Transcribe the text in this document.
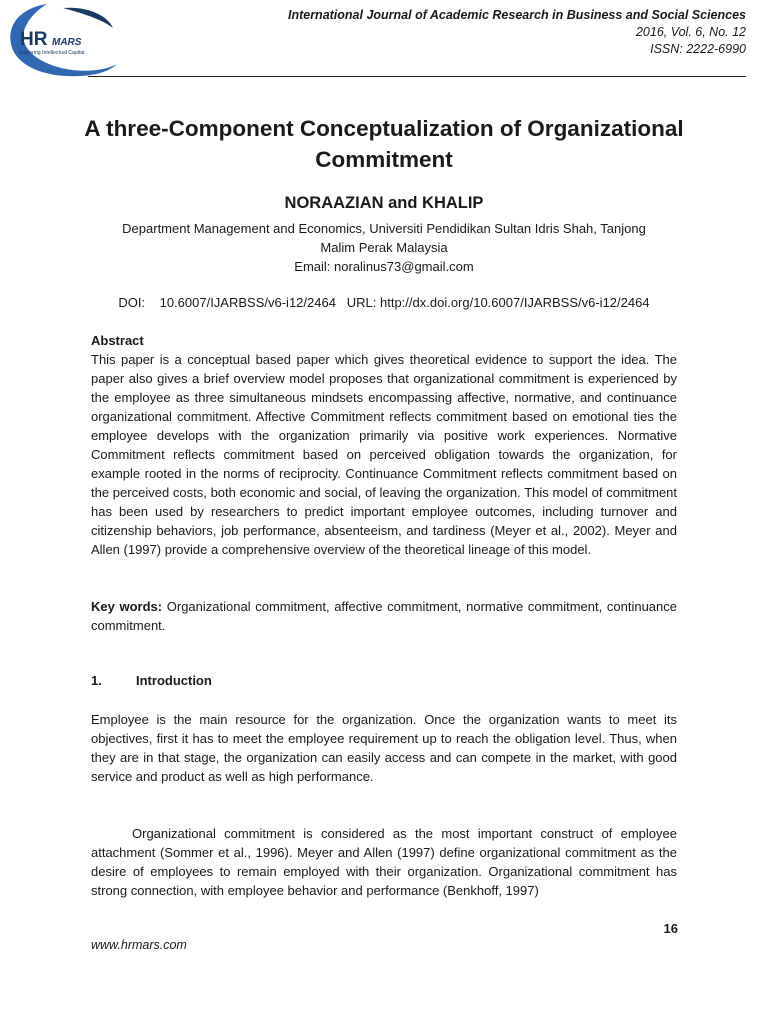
HR MARS
Exploring Intellectual Capital
International Journal of Academic Research in Business and Social Sciences
2016, Vol. 6, No. 12
ISSN: 2222-6990
A three-Component Conceptualization of Organizational
Commitment
NORAAZIAN and KHALIP
Department Management and Economics, Universiti Pendidikan Sultan Idris Shah, Tanjong
Malim Perak Malaysia
Email: noralinus73@gmail.com
DOI:    10.6007/IJARBSS/v6-i12/2464   URL: http://dx.doi.org/10.6007/IJARBSS/v6-i12/2464
Abstract

This paper is a conceptual based paper which gives theoretical evidence to support the idea. The paper also gives a brief overview model proposes that organizational commitment is experienced by the employee as three simultaneous mindsets encompassing affective, normative, and continuance organizational commitment. Affective Commitment reflects commitment based on emotional ties the employee develops with the organization primarily via positive work experiences. Normative Commitment reflects commitment based on perceived obligation towards the organization, for example rooted in the norms of reciprocity. Continuance Commitment reflects commitment based on the perceived costs, both economic and social, of leaving the organization. This model of commitment has been used by researchers to predict important employee outcomes, including turnover and citizenship behaviors, job performance, absenteeism, and tardiness (Meyer et al., 2002). Meyer and Allen (1997) provide a comprehensive overview of the theoretical lineage of this model.

Key words: Organizational commitment, affective commitment, normative commitment, continuance commitment.

1.	Introduction

Employee is the main resource for the organization. Once the organization wants to meet its objectives, first it has to meet the employee requirement up to reach the obligation level. Thus, when they are in that stage, the organization can easily access and can compete in the market, with good service and product as well as high performance.

Organizational commitment is considered as the most important construct of employee attachment (Sommer et al., 1996). Meyer and Allen (1997) define organizational commitment as the desire of employees to remain employed with their organization. Organizational commitment has strong connection, with employee behavior and performance (Benkhoff, 1997)

16
www.hrmars.com
